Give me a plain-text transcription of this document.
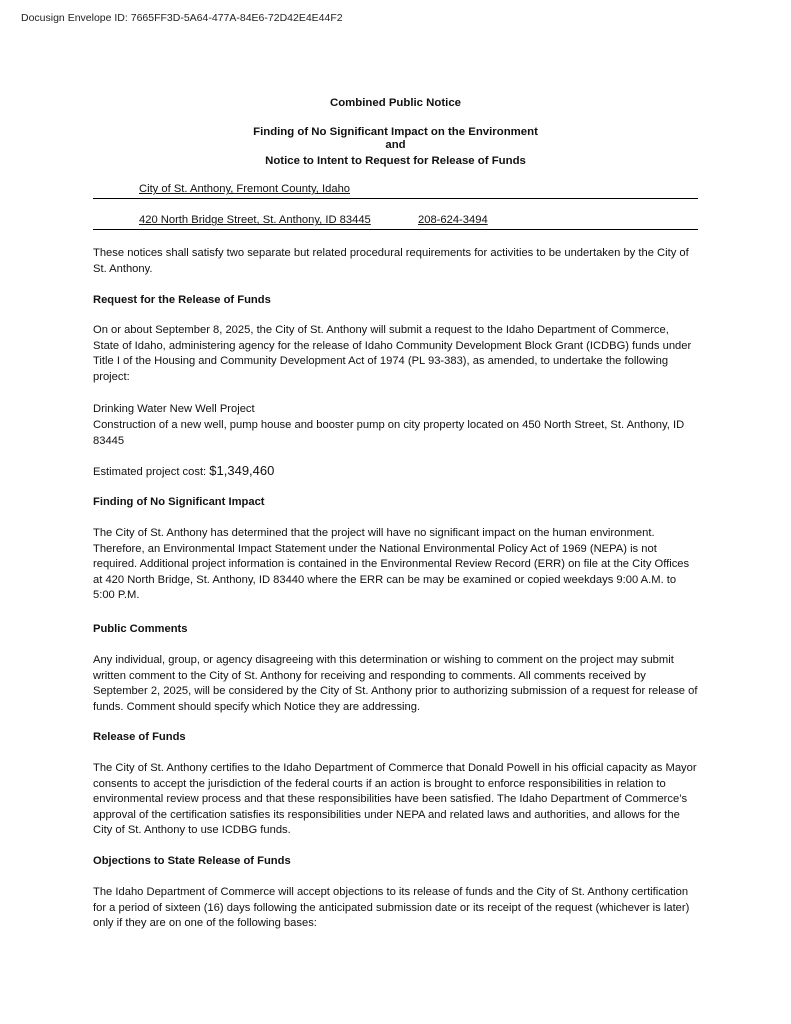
Docusign Envelope ID: 7665FF3D-5A64-477A-84E6-72D42E4E44F2
Combined Public Notice
Finding of No Significant Impact on the Environment
and
Notice to Intent to Request for Release of Funds
City of St. Anthony, Fremont County, Idaho
420 North Bridge Street, St. Anthony, ID 83445	208-624-3494
These notices shall satisfy two separate but related procedural requirements for activities to be undertaken by the City of St. Anthony.
Request for the Release of Funds
On or about September 8, 2025, the City of St. Anthony will submit a request to the Idaho Department of Commerce, State of Idaho, administering agency for the release of Idaho Community Development Block Grant (ICDBG) funds under Title I of the Housing and Community Development Act of 1974 (PL 93-383), as amended, to undertake the following project:
Drinking Water New Well Project
Construction of a new well, pump house and booster pump on city property located on 450 North Street, St. Anthony, ID 83445
Estimated project cost: $1,349,460
Finding of No Significant Impact
The City of St. Anthony has determined that the project will have no significant impact on the human environment. Therefore, an Environmental Impact Statement under the National Environmental Policy Act of 1969 (NEPA) is not required. Additional project information is contained in the Environmental Review Record (ERR) on file at the City Offices at 420 North Bridge, St. Anthony, ID 83440 where the ERR can be may be examined or copied weekdays 9:00 A.M. to 5:00 P.M.
Public Comments
Any individual, group, or agency disagreeing with this determination or wishing to comment on the project may submit written comment to the City of St. Anthony for receiving and responding to comments. All comments received by September 2, 2025, will be considered by the City of St. Anthony prior to authorizing submission of a request for release of funds. Comment should specify which Notice they are addressing.
Release of Funds
The City of St. Anthony certifies to the Idaho Department of Commerce that Donald Powell in his official capacity as Mayor consents to accept the jurisdiction of the federal courts if an action is brought to enforce responsibilities in relation to environmental review process and that these responsibilities have been satisfied. The Idaho Department of Commerce’s approval of the certification satisfies its responsibilities under NEPA and related laws and authorities, and allows for the City of St. Anthony to use ICDBG funds.
Objections to State Release of Funds
The Idaho Department of Commerce will accept objections to its release of funds and the City of St. Anthony certification for a period of sixteen (16) days following the anticipated submission date or its receipt of the request (whichever is later) only if they are on one of the following bases:
